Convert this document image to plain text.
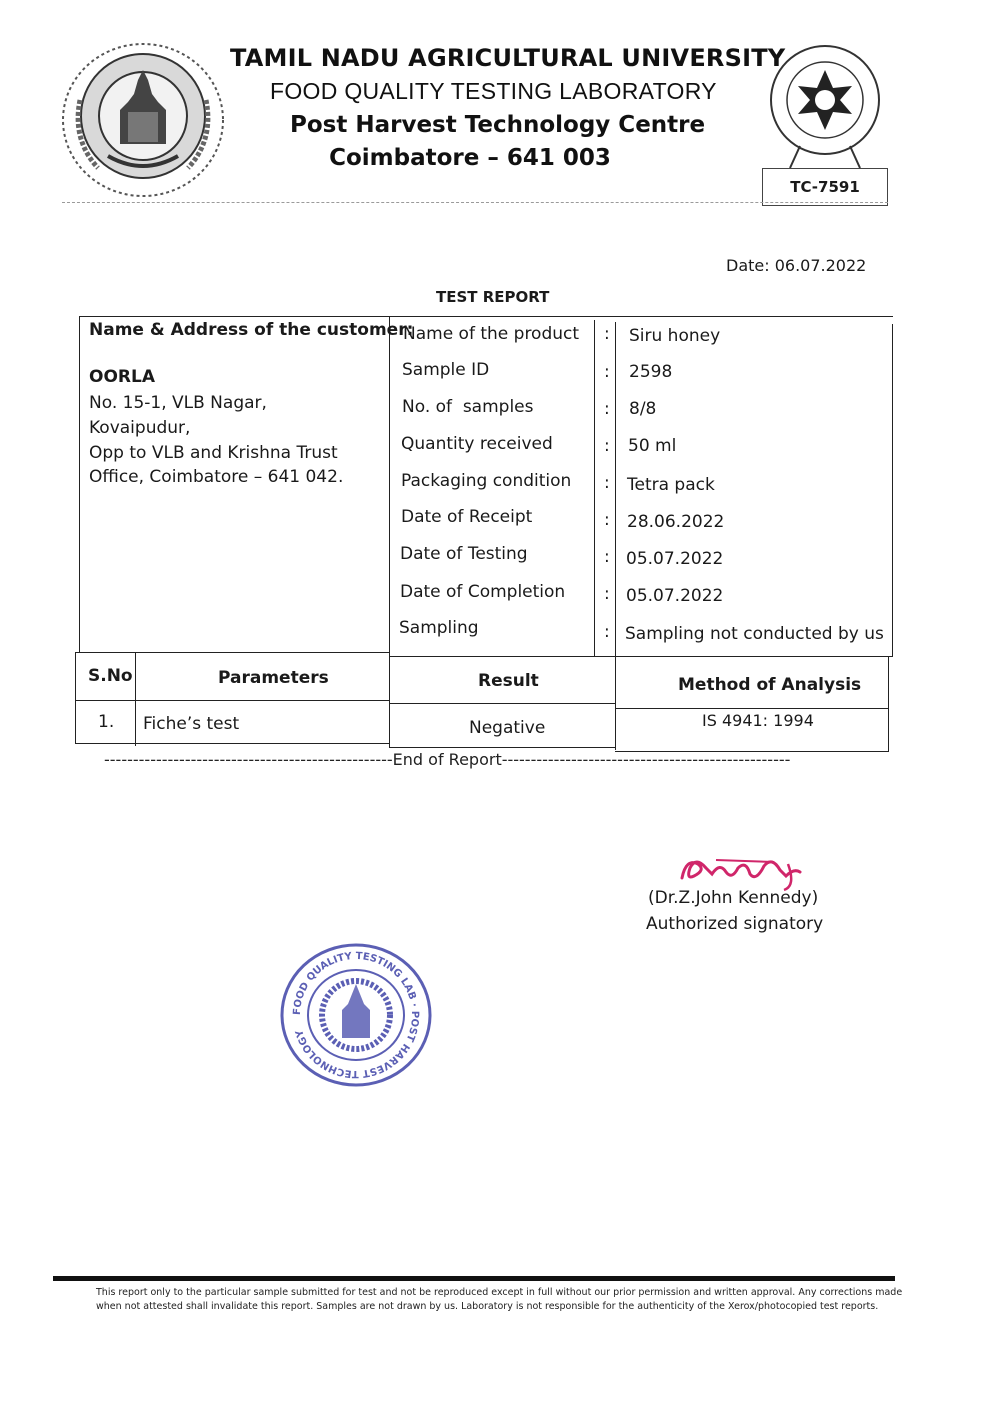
TAMIL NADU AGRICULTURAL UNIVERSITY
FOOD QUALITY TESTING LABORATORY
Post Harvest Technology Centre
Coimbatore – 641 003
TC-7591
Date: 06.07.2022
TEST REPORT
Name & Address of the customer:
OORLA
No. 15-1, VLB Nagar,
Kovaipudur,
Opp to VLB and Krishna Trust
Office, Coimbatore – 641 042.
Name of the product : Siru honey
Sample ID	: 2598
No. of  samples	: 8/8
Quantity received	: 50 ml
Packaging condition : Tetra pack
Date of Receipt	: 28.06.2022
Date of Testing	: 05.07.2022
Date of Completion : 05.07.2022
Sampling	: Sampling not conducted by us
S.No	Parameters	Result	Method of Analysis
1. Fiche’s test	Negative	IS 4941: 1994
--------------------------------------------------End of Report--------------------------------------------------
(Dr.Z.John Kennedy)
Authorized signatory
FOOD QUALITY TESTING LAB · POST HARVEST TECHNOLOGY
This report only to the particular sample submitted for test and not be reproduced except in full without our prior permission and written approval. Any corrections made
when not attested shall invalidate this report. Samples are not drawn by us. Laboratory is not responsible for the authenticity of the Xerox/photocopied test reports.
